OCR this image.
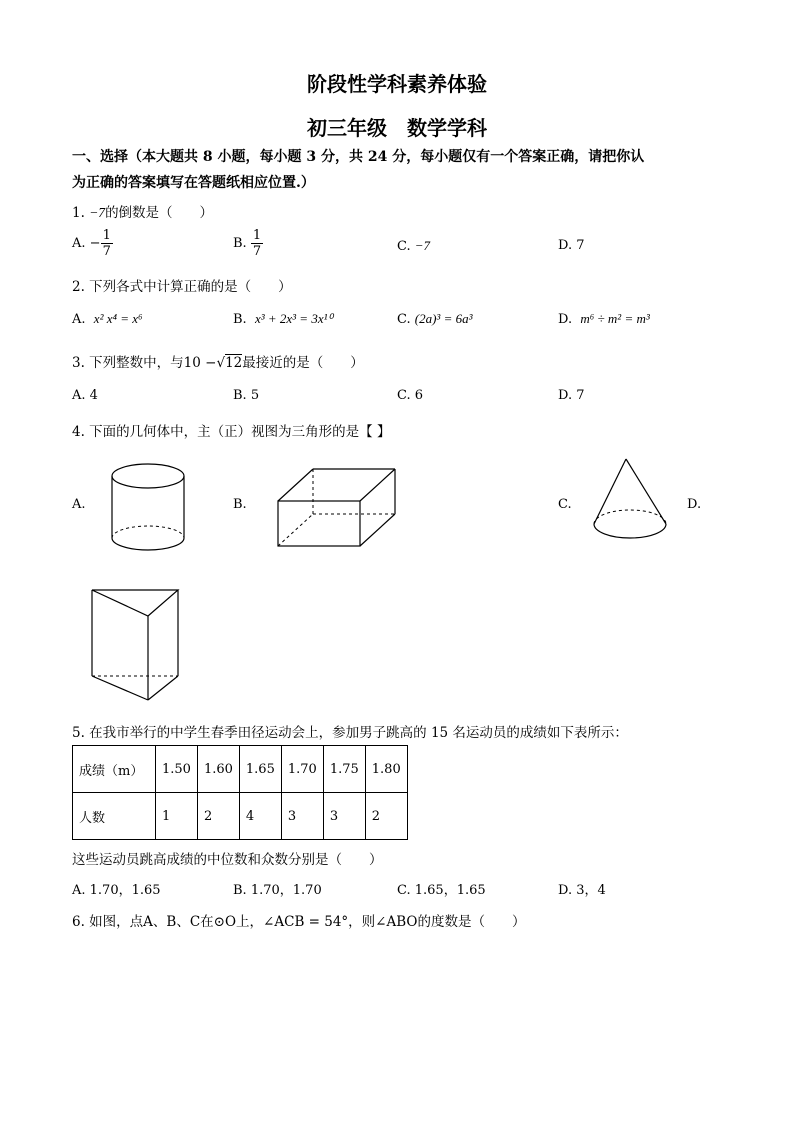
阶段性学科素养体验
初三年级　数学学科
一、选择（本大题共 8 小题，每小题 3 分，共 24 分，每小题仅有一个答案正确，请把你认
为正确的答案填写在答题纸相应位置.）
1. −7的倒数是（　　）
A. − $\frac{1}{7}$	B. $\frac{1}{7}$	C. −7	D. 7
2. 下列各式中计算正确的是（　　）
A. x² x⁴ = x⁶	B. x³ + 2x³ = 3x¹⁰	C. (2a)³ = 6a³	D. m⁶ ÷ m² = m³
3. 下列整数中，与10 −√12最接近的是（　　）
A. 4	B. 5	C. 6	D. 7
4. 下面的几何体中，主（正）视图为三角形的是【 】
A.	B.	C.	D.
5. 在我市举行的中学生春季田径运动会上，参加男子跳高的 15 名运动员的成绩如下表所示：
成绩（m）	1.50	1.60	1.65	1.70	1.75	1.80
人数	1	2	4	3	3	2
这些运动员跳高成绩的中位数和众数分别是（　　）
A. 1.70，1.65	B. 1.70，1.70	C. 1.65，1.65	D. 3，4
6. 如图，点A、B、C在⊙O上，∠ACB = 54°，则∠ABO的度数是（　　）
